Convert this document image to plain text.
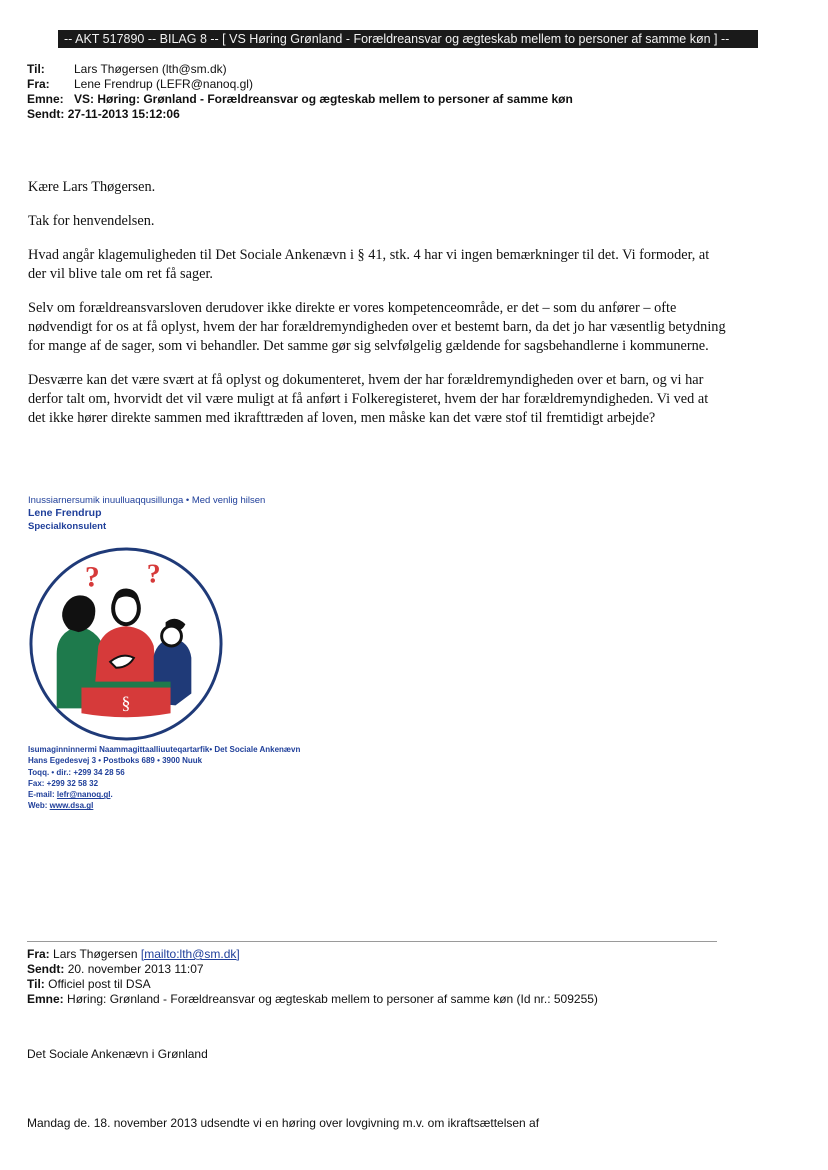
-- AKT 517890 -- BILAG 8 -- [ VS Høring Grønland - Forældreansvar og ægteskab mellem to personer af samme køn ] --
Til: Lars Thøgersen (lth@sm.dk)
Fra: Lene Frendrup (LEFR@nanoq.gl)
Emne: VS: Høring: Grønland - Forældreansvar og ægteskab mellem to personer af samme køn
Sendt: 27-11-2013 15:12:06

Kære Lars Thøgersen.

Tak for henvendelsen.

Hvad angår klagemuligheden til Det Sociale Ankenævn i § 41, stk. 4 har vi ingen bemærkninger til det. Vi formoder, at der vil blive tale om ret få sager.

Selv om forældreansvarsloven derudover ikke direkte er vores kompetenceområde, er det – som du anfører – ofte nødvendigt for os at få oplyst, hvem der har forældremyndigheden over et bestemt barn, da det jo har væsentlig betydning for mange af de sager, som vi behandler. Det samme gør sig selvfølgelig gældende for sagsbehandlerne i kommunerne.

Desværre kan det være svært at få oplyst og dokumenteret, hvem der har forældremyndigheden over et barn, og vi har derfor talt om, hvorvidt det vil være muligt at få anført i Folkeregisteret, hvem der har forældremyndigheden. Vi ved at det ikke hører direkte sammen med ikrafttræden af loven, men måske kan det være stof til fremtidigt arbejde?

Inussiarnersumik inuulluaqqusillunga • Med venlig hilsen
Lene Frendrup
Specialkonsulent
? ?
§
Isumaginninnermi Naammagittaalliuuteqartarfik• Det Sociale Ankenævn
Hans Egedesvej 3 • Postboks 689 • 3900 Nuuk
Toqq. • dir.: +299 34 28 56
Fax: +299 32 58 32
E-mail: lefr@nanoq.gl.
Web: www.dsa.gl
Fra: Lars Thøgersen [mailto:lth@sm.dk]
Sendt: 20. november 2013 11:07
Til: Officiel post til DSA
Emne: Høring: Grønland - Forældreansvar og ægteskab mellem to personer af samme køn (Id nr.: 509255)
Det Sociale Ankenævn i Grønland
Mandag de. 18. november 2013 udsendte vi en høring over lovgivning m.v. om ikraftsættelsen af
